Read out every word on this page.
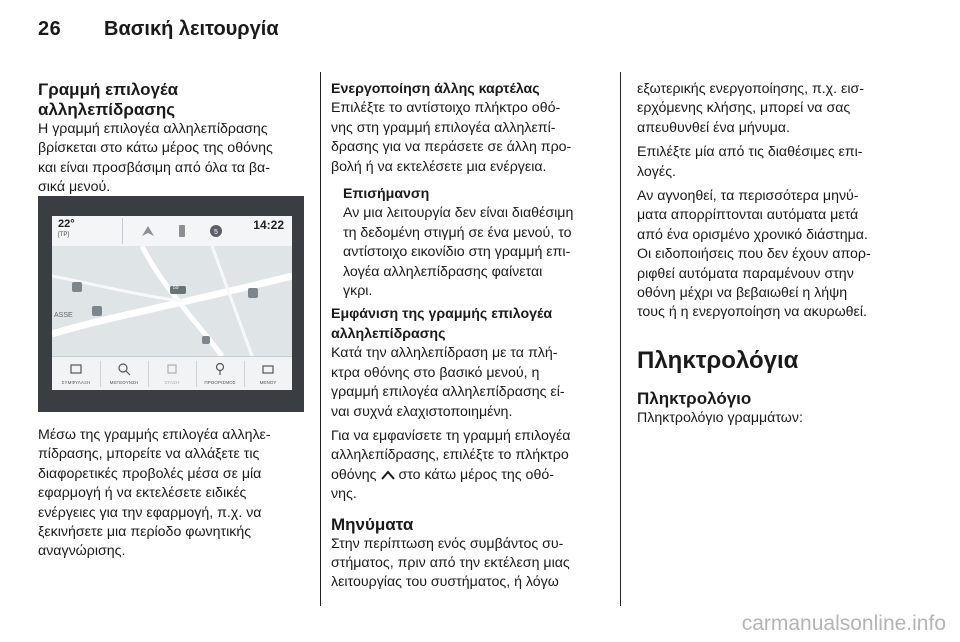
26 Βασική λειτουργία
Γραμμή επιλογέα
αλληλεπίδρασης

Η γραμμή επιλογέα αλληλεπίδρασης
βρίσκεται στο κάτω μέρος της οθόνης
και είναι προσβάσιμη από όλα τα βα-
σικά μενού.

22°
[TP]	5
14:22
ASSE
59
ΣΥΜΦΥΛΑΞΗ	ΜΕΓΕΘΥΝΣΗ	ΣΤΑΣΗ	ΠΡΟΟΡΙΣΜΟΣ	ΜΕΝΟΥ

Μέσω της γραμμής επιλογέα αλληλε-
πίδρασης, μπορείτε να αλλάξετε τις
διαφορετικές προβολές μέσα σε μία
εφαρμογή ή να εκτελέσετε ειδικές
ενέργειες για την εφαρμογή, π.χ. να
ξεκινήσετε μια περίοδο φωνητικής
αναγνώρισης.

Ενεργοποίηση άλλης καρτέλας

Επιλέξτε το αντίστοιχο πλήκτρο οθό-
νης στη γραμμή επιλογέα αλληλεπί-
δρασης για να περάσετε σε άλλη προ-
βολή ή να εκτελέσετε μια ενέργεια.

Επισήμανση
Αν μια λειτουργία δεν είναι διαθέσιμη
τη δεδομένη στιγμή σε ένα μενού, το
αντίστοιχο εικονίδιο στη γραμμή επι-
λογέα αλληλεπίδρασης φαίνεται
γκρι.
Εμφάνιση της γραμμής επιλογέα
αλληλεπίδρασης

Κατά την αλληλεπίδραση με τα πλή-
κτρα οθόνης στο βασικό μενού, η
γραμμή επιλογέα αλληλεπίδρασης εί-
ναι συχνά ελαχιστοποιημένη.

Για να εμφανίσετε τη γραμμή επιλογέα
αλληλεπίδρασης, επιλέξτε το πλήκτρο
οθόνης στο κάτω μέρος της οθό-
νης.

Μηνύματα

Στην περίπτωση ενός συμβάντος συ-
στήματος, πριν από την εκτέλεση μιας
λειτουργίας του συστήματος, ή λόγω

εξωτερικής ενεργοποίησης, π.χ. εισ-
ερχόμενης κλήσης, μπορεί να σας
απευθυνθεί ένα μήνυμα.

Επιλέξτε μία από τις διαθέσιμες επι-
λογές.

Αν αγνοηθεί, τα περισσότερα μηνύ-
ματα απορρίπτονται αυτόματα μετά
από ένα ορισμένο χρονικό διάστημα.
Οι ειδοποιήσεις που δεν έχουν απορ-
ριφθεί αυτόματα παραμένουν στην
οθόνη μέχρι να βεβαιωθεί η λήψη
τους ή η ενεργοποίηση να ακυρωθεί.

Πληκτρολόγια
Πληκτρολόγιο

Πληκτρολόγιο γραμμάτων:

carmanualsonline.info
